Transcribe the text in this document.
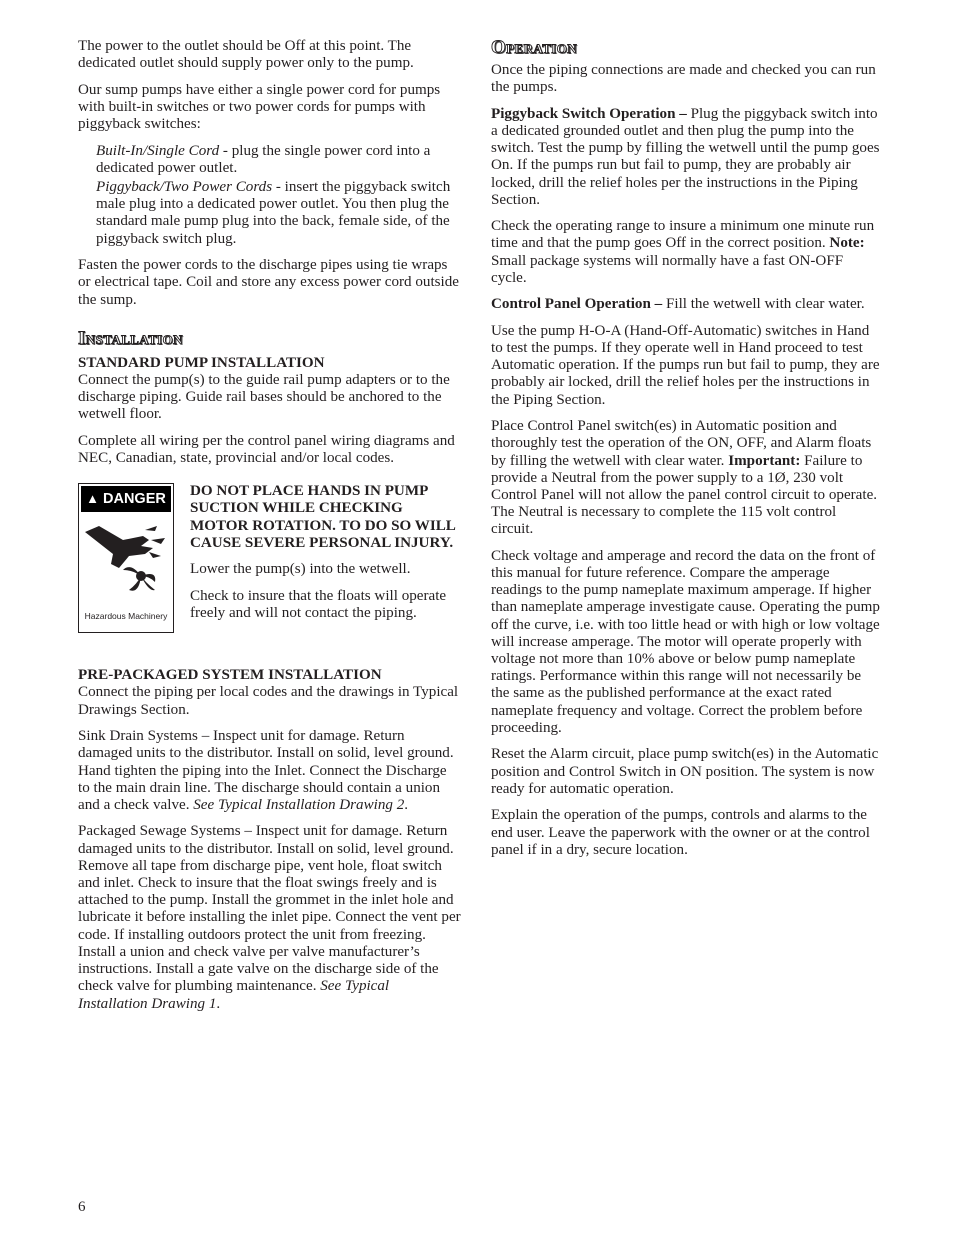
The power to the outlet should be Off at this point. The dedicated outlet should supply power only to the pump.

Our sump pumps have either a single power cord for pumps with built-in switches or two power cords for pumps with piggyback switches:

Built-In/Single Cord - plug the single power cord into a dedicated power outlet.

Piggyback/Two Power Cords - insert the piggyback switch male plug into a dedicated power outlet. You then plug the standard male pump plug into the back, female side, of the piggyback switch plug.

Fasten the power cords to the discharge pipes using tie wraps or electrical tape. Coil and store any excess power cord outside the sump.

Installation

STANDARD PUMP INSTALLATION

Connect the pump(s) to the guide rail pump adapters or to the discharge piping. Guide rail bases should be anchored to the wetwell floor.

Complete all wiring per the control panel wiring diagrams and NEC, Canadian, state, provincial and/or local codes.

▲ DANGER
Hazardous Machinery

DO NOT PLACE HANDS IN PUMP SUCTION WHILE CHECKING MOTOR ROTATION. TO DO SO WILL CAUSE SEVERE PERSONAL INJURY.

Lower the pump(s) into the wetwell.

Check to insure that the floats will operate freely and will not contact the piping.

PRE-PACKAGED SYSTEM INSTALLATION

Connect the piping per local codes and the drawings in Typical Drawings Section.

Sink Drain Systems – Inspect unit for damage. Return damaged units to the distributor. Install on solid, level ground. Hand tighten the piping into the Inlet. Connect the Discharge to the main drain line. The discharge should contain a union and a check valve. See Typical Installation Drawing 2.

Packaged Sewage Systems – Inspect unit for damage. Return damaged units to the distributor. Install on solid, level ground. Remove all tape from discharge pipe, vent hole, float switch and inlet. Check to insure that the float swings freely and is attached to the pump. Install the grommet in the inlet hole and lubricate it before installing the inlet pipe. Connect the vent per code. If installing outdoors protect the unit from freezing. Install a union and check valve per valve manufacturer’s instructions. Install a gate valve on the discharge side of the check valve for plumbing maintenance. See Typical Installation Drawing 1.

Operation

Once the piping connections are made and checked you can run the pumps.

Piggyback Switch Operation – Plug the piggyback switch into a dedicated grounded outlet and then plug the pump into the switch. Test the pump by filling the wetwell until the pump goes On. If the pumps run but fail to pump, they are probably air locked, drill the relief holes per the instructions in the Piping Section.

Check the operating range to insure a minimum one minute run time and that the pump goes Off in the correct position. Note: Small package systems will normally have a fast ON-OFF cycle.

Control Panel Operation – Fill the wetwell with clear water.

Use the pump H-O-A (Hand-Off-Automatic) switches in Hand to test the pumps. If they operate well in Hand proceed to test Automatic operation. If the pumps run but fail to pump, they are probably air locked, drill the relief holes per the instructions in the Piping Section.

Place Control Panel switch(es) in Automatic position and thoroughly test the operation of the ON, OFF, and Alarm floats by filling the wetwell with clear water. Important: Failure to provide a Neutral from the power supply to a 1Ø, 230 volt Control Panel will not allow the panel control circuit to operate. The Neutral is necessary to complete the 115 volt control circuit.

Check voltage and amperage and record the data on the front of this manual for future reference. Compare the amperage readings to the pump nameplate maximum amperage. If higher than nameplate amperage investigate cause. Operating the pump off the curve, i.e. with too little head or with high or low voltage will increase amperage. The motor will operate properly with voltage not more than 10% above or below pump nameplate ratings. Performance within this range will not necessarily be the same as the published performance at the exact rated nameplate frequency and voltage. Correct the problem before proceeding.

Reset the Alarm circuit, place pump switch(es) in the Automatic position and Control Switch in ON position. The system is now ready for automatic operation.

Explain the operation of the pumps, controls and alarms to the end user. Leave the paperwork with the owner or at the control panel if in a dry, secure location.

6
